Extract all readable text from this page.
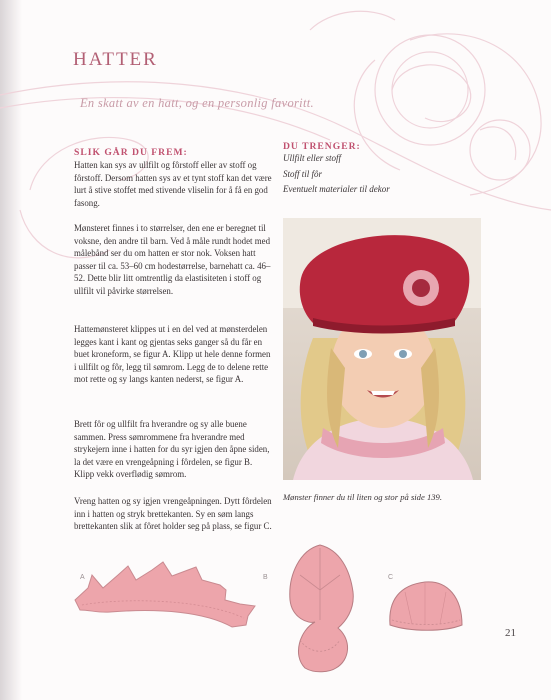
HATTER
En skatt av en hatt, og en personlig favoritt.
SLIK GÅR DU FREM:
Hatten kan sys av ullfilt og fôrstoff eller av stoff og fôrstoff. Dersom hatten sys av et tynt stoff kan det være lurt å stive stoffet med stivende vliselin for å få en god fasong.
Mønsteret finnes i to størrelser, den ene er beregnet til voksne, den andre til barn. Ved å måle rundt hodet med målebånd ser du om hatten er stor nok. Voksen hatt passer til ca. 53–60 cm hodestørrelse, barnehatt ca. 46–52. Dette blir litt omtrentlig da elastisiteten i stoff og ullfilt vil påvirke størrelsen.
Hattemønsteret klippes ut i en del ved at mønsterdelen legges kant i kant og gjentas seks ganger så du får en buet kroneform, se figur A. Klipp ut hele denne formen i ullfilt og fôr, legg til sømrom. Legg de to delene rette mot rette og sy langs kanten nederst, se figur A.
Brett fôr og ullfilt fra hverandre og sy alle buene sammen. Press sømrommene fra hverandre med strykejern inne i hatten for du syr igjen den åpne siden, la det være en vrengeåpning i fôrdelen, se figur B. Klipp vekk overflødig sømrom.
Vreng hatten og sy igjen vrengeåpningen. Dytt fôrdelen inn i hatten og stryk brettekanten. Sy en søm langs brettekanten slik at fôret holder seg på plass, se figur C.
DU TRENGER:
Ullfilt eller stoff
Stoff til fôr
Eventuelt materialer til dekor
Mønster finner du til liten og stor på side 139.
A	B	C
21
